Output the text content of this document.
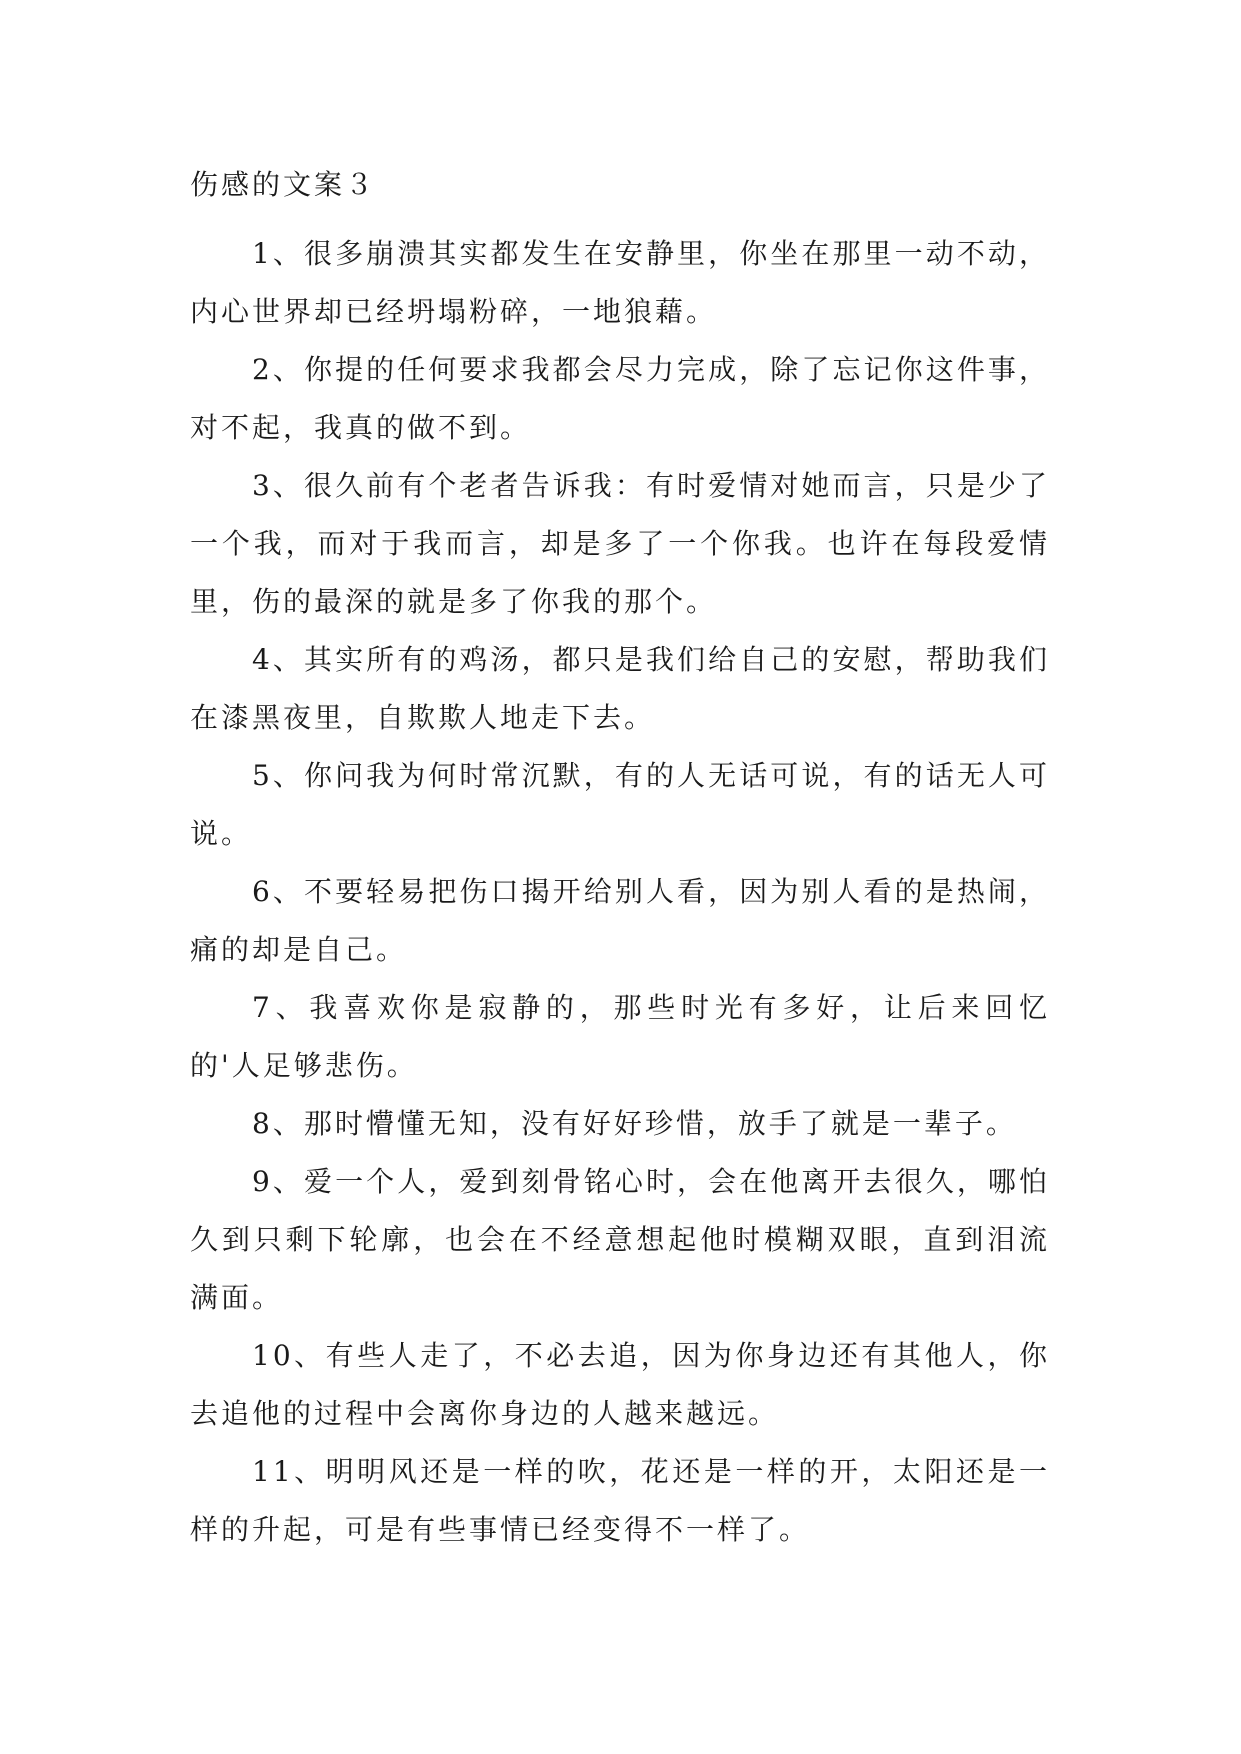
伤感的文案３

1、很多崩溃其实都发生在安静里，你坐在那里一动不动，内心世界却已经坍塌粉碎，一地狼藉。

2、你提的任何要求我都会尽力完成，除了忘记你这件事，对不起，我真的做不到。

3、很久前有个老者告诉我：有时爱情对她而言，只是少了一个我，而对于我而言，却是多了一个你我。也许在每段爱情里，伤的最深的就是多了你我的那个。

4、其实所有的鸡汤，都只是我们给自己的安慰，帮助我们在漆黑夜里，自欺欺人地走下去。

5、你问我为何时常沉默，有的人无话可说，有的话无人可说。

6、不要轻易把伤口揭开给别人看，因为别人看的是热闹，痛的却是自己。

7、我喜欢你是寂静的，那些时光有多好，让后来回忆的'人足够悲伤。

8、那时懵懂无知，没有好好珍惜，放手了就是一辈子。

9、爱一个人，爱到刻骨铭心时，会在他离开去很久，哪怕久到只剩下轮廓，也会在不经意想起他时模糊双眼，直到泪流满面。

10、有些人走了，不必去追，因为你身边还有其他人，你去追他的过程中会离你身边的人越来越远。

11、明明风还是一样的吹，花还是一样的开，太阳还是一样的升起，可是有些事情已经变得不一样了。
